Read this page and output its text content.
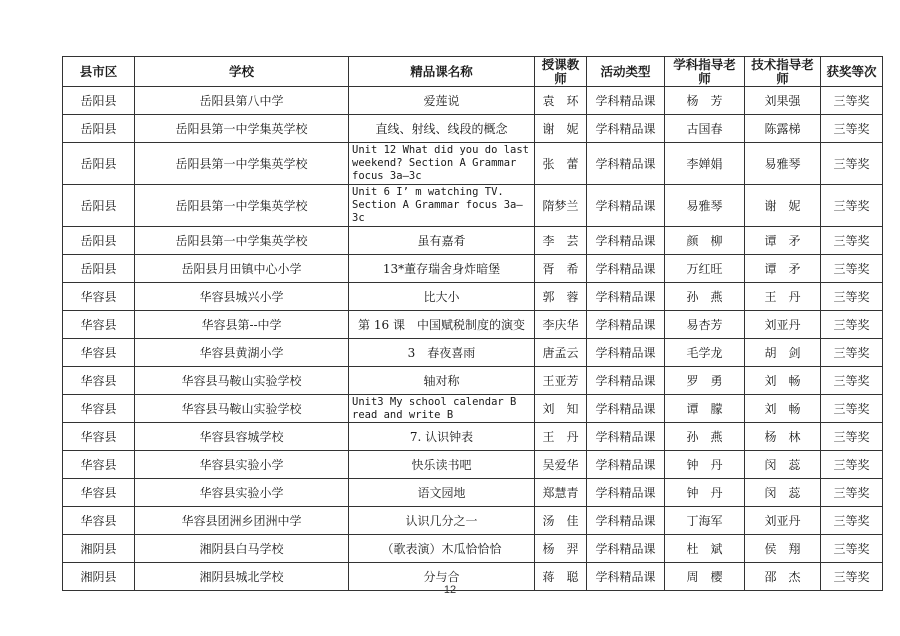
县市区	学校	精品课名称	授课教师	活动类型	学科指导老师	技术指导老师	获奖等次
岳阳县	岳阳县第八中学	爱莲说	袁　环	学科精品课	杨　芳	刘果强	三等奖
岳阳县	岳阳县第一中学集英学校	直线、射线、线段的概念	谢　妮	学科精品课	古国春	陈露梯	三等奖
岳阳县	岳阳县第一中学集英学校	Unit 12 What did you do last weekend? Section A Grammar focus 3a—3c	张　蕾	学科精品课	李婵娟	易雅琴	三等奖
岳阳县	岳阳县第一中学集英学校	Unit 6 I’ m watching TV. Section A Grammar focus 3a—3c	隋梦兰	学科精品课	易雅琴	谢　妮	三等奖
岳阳县	岳阳县第一中学集英学校	虽有嘉肴	李　芸	学科精品课	颜　柳	谭　矛	三等奖
岳阳县	岳阳县月田镇中心小学	13*董存瑞舍身炸暗堡	胥　希	学科精品课	万红旺	谭　矛	三等奖
华容县	华容县城兴小学	比大小	郭　蓉	学科精品课	孙　燕	王　丹	三等奖
华容县	华容县第--中学	第 16 课　中国赋税制度的演变	李庆华	学科精品课	易杏芳	刘亚丹	三等奖
华容县	华容县黄湖小学	3　春夜喜雨	唐孟云	学科精品课	毛学龙	胡　剑	三等奖
华容县	华容县马鞍山实验学校	轴对称	王亚芳	学科精品课	罗　勇	刘　畅	三等奖
华容县	华容县马鞍山实验学校	Unit3 My school calendar B read and write B	刘　知	学科精品课	谭　朦	刘　畅	三等奖
华容县	华容县容城学校	7. 认识钟表	王　丹	学科精品课	孙　燕	杨　林	三等奖
华容县	华容县实验小学	快乐读书吧	吴爱华	学科精品课	钟　丹	闵　蕊	三等奖
华容县	华容县实验小学	语文园地	郑慧青	学科精品课	钟　丹	闵　蕊	三等奖
华容县	华容县团洲乡团洲中学	认识几分之一	汤　佳	学科精品课	丁海军	刘亚丹	三等奖
湘阴县	湘阴县白马学校	（歌表演）木瓜恰恰恰	杨　羿	学科精品课	杜　斌	侯　翔	三等奖
湘阴县	湘阴县城北学校	分与合	蒋　聪	学科精品课	周　樱	邵　杰	三等奖
12
